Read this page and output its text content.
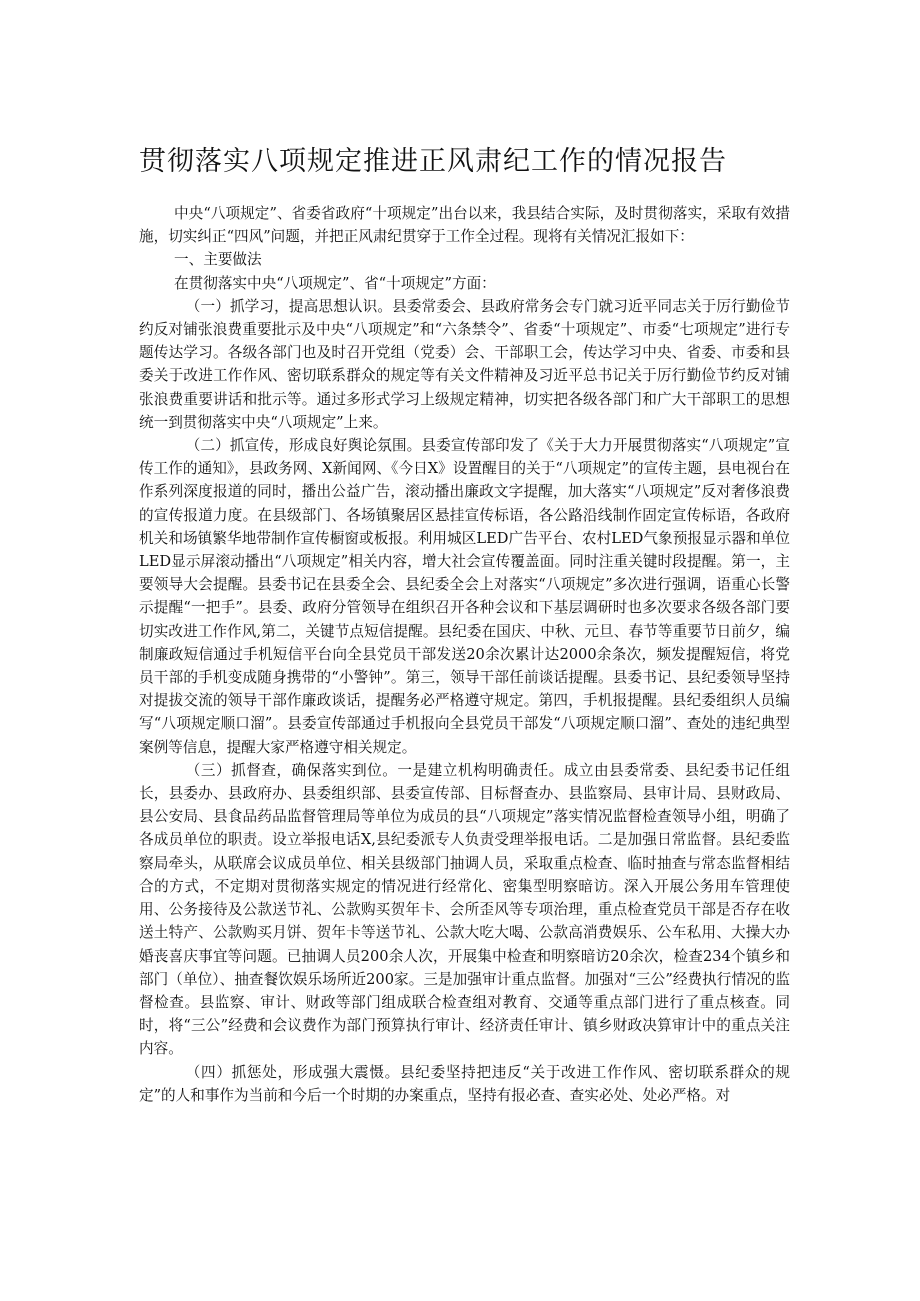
贯彻落实八项规定推进正风肃纪工作的情况报告

中央“八项规定”、省委省政府“十项规定”出台以来，我县结合实际，及时贯彻落实，采取有效措施，切实纠正“四风”问题，并把正风肃纪贯穿于工作全过程。现将有关情况汇报如下：

一、主要做法

在贯彻落实中央“八项规定”、省“十项规定”方面：

（一）抓学习，提高思想认识。县委常委会、县政府常务会专门就习近平同志关于厉行勤俭节约反对铺张浪费重要批示及中央“八项规定”和“六条禁令”、省委“十项规定”、市委“七项规定”进行专题传达学习。各级各部门也及时召开党组（党委）会、干部职工会，传达学习中央、省委、市委和县委关于改进工作作风、密切联系群众的规定等有关文件精神及习近平总书记关于厉行勤俭节约反对铺张浪费重要讲话和批示等。通过多形式学习上级规定精神，切实把各级各部门和广大干部职工的思想统一到贯彻落实中央“八项规定”上来。

（二）抓宣传，形成良好舆论氛围。县委宣传部印发了《关于大力开展贯彻落实“八项规定”宣传工作的通知》，县政务网、X新闻网、《今日X》设置醒目的关于“八项规定”的宣传主题，县电视台在作系列深度报道的同时，播出公益广告，滚动播出廉政文字提醒，加大落实“八项规定”反对奢侈浪费的宣传报道力度。在县级部门、各场镇聚居区悬挂宣传标语，各公路沿线制作固定宣传标语，各政府机关和场镇繁华地带制作宣传橱窗或板报。利用城区LED广告平台、农村LED气象预报显示器和单位LED显示屏滚动播出“八项规定”相关内容，增大社会宣传覆盖面。同时注重关键时段提醒。第一，主要领导大会提醒。县委书记在县委全会、县纪委全会上对落实“八项规定”多次进行强调，语重心长警示提醒“一把手”。县委、政府分管领导在组织召开各种会议和下基层调研时也多次要求各级各部门要切实改进工作作风,第二，关键节点短信提醒。县纪委在国庆、中秋、元旦、春节等重要节日前夕，编制廉政短信通过手机短信平台向全县党员干部发送20余次累计达2000余条次，频发提醒短信，将党员干部的手机变成随身携带的“小警钟”。第三，领导干部任前谈话提醒。县委书记、县纪委领导坚持对提拔交流的领导干部作廉政谈话，提醒务必严格遵守规定。第四，手机报提醒。县纪委组织人员编写“八项规定顺口溜”。县委宣传部通过手机报向全县党员干部发“八项规定顺口溜”、查处的违纪典型案例等信息，提醒大家严格遵守相关规定。

（三）抓督查，确保落实到位。一是建立机构明确责任。成立由县委常委、县纪委书记任组长，县委办、县政府办、县委组织部、县委宣传部、目标督查办、县监察局、县审计局、县财政局、县公安局、县食品药品监督管理局等单位为成员的县“八项规定”落实情况监督检查领导小组，明确了各成员单位的职责。设立举报电话X,县纪委派专人负责受理举报电话。二是加强日常监督。县纪委监察局牵头，从联席会议成员单位、相关县级部门抽调人员，采取重点检查、临时抽查与常态监督相结合的方式，不定期对贯彻落实规定的情况进行经常化、密集型明察暗访。深入开展公务用车管理使用、公务接待及公款送节礼、公款购买贺年卡、会所歪风等专项治理，重点检查党员干部是否存在收送土特产、公款购买月饼、贺年卡等送节礼、公款大吃大喝、公款高消费娱乐、公车私用、大操大办婚丧喜庆事宜等问题。已抽调人员200余人次，开展集中检查和明察暗访20余次，检查234个镇乡和部门（单位）、抽查餐饮娱乐场所近200家。三是加强审计重点监督。加强对“三公”经费执行情况的监督检查。县监察、审计、财政等部门组成联合检查组对教育、交通等重点部门进行了重点核查。同时，将“三公”经费和会议费作为部门预算执行审计、经济责任审计、镇乡财政决算审计中的重点关注内容。

（四）抓惩处，形成强大震慑。县纪委坚持把违反“关于改进工作作风、密切联系群众的规定”的人和事作为当前和今后一个时期的办案重点，坚持有报必查、查实必处、处必严格。对
